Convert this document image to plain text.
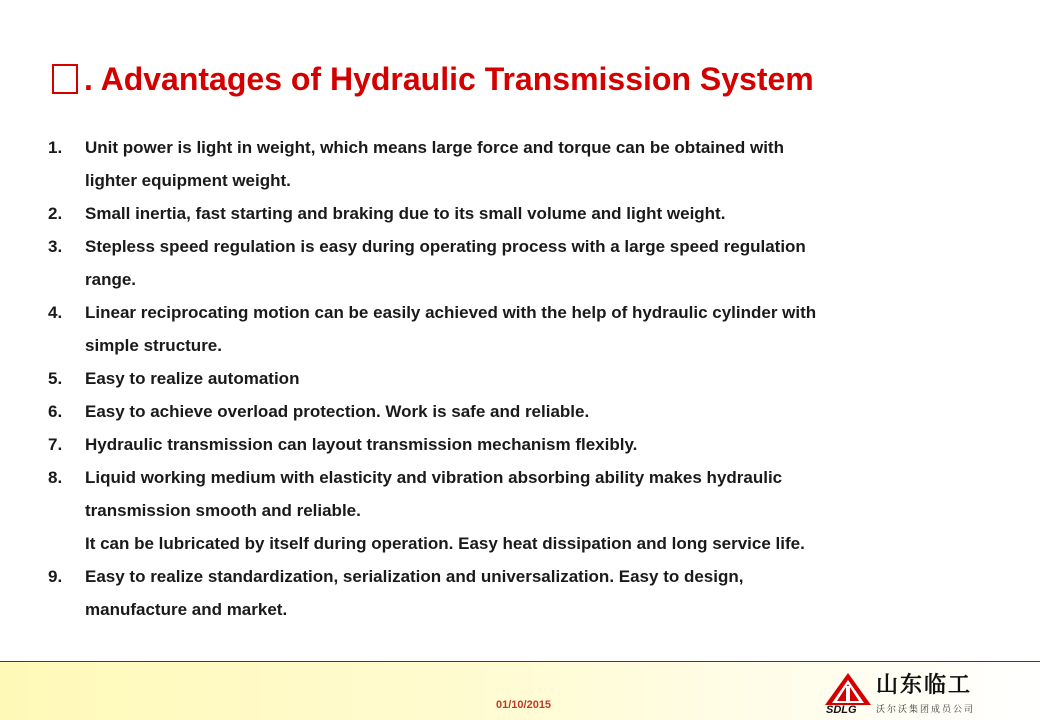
. Advantages of Hydraulic Transmission System
1. Unit power is light in weight, which means large force and torque can be obtained with
lighter equipment weight.
2. Small inertia, fast starting and braking due to its small volume and light weight.
3. Stepless speed regulation is easy during operating process with a large speed regulation
range.
4. Linear reciprocating motion can be easily achieved with the help of hydraulic cylinder with
simple structure.
5. Easy to realize automation
6. Easy to achieve overload protection. Work is safe and reliable.
7. Hydraulic transmission can layout transmission mechanism flexibly.
8. Liquid working medium with elasticity and vibration absorbing ability makes hydraulic
transmission smooth and reliable.
It can be lubricated by itself during operation. Easy heat dissipation and long service life.
9. Easy to realize standardization, serialization and universalization. Easy to design,
manufacture and market.
01/10/2015
山东临工
SDLG 沃尔沃集团成员公司
